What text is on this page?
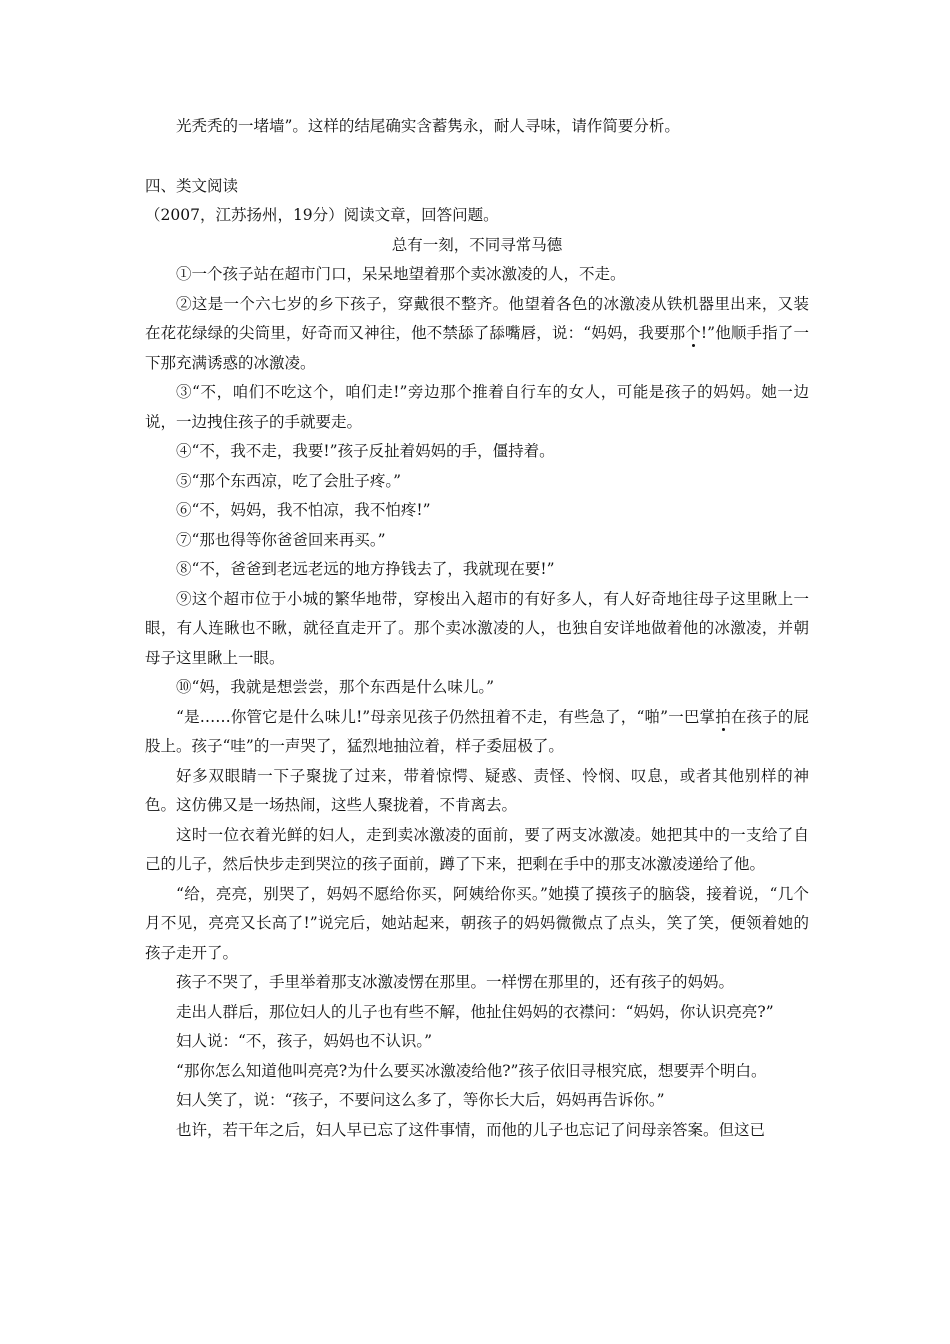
光秃秃的一堵墙”。这样的结尾确实含蓄隽永，耐人寻味，请作简要分析。

四、类文阅读

（2007，江苏扬州，19分）阅读文章，回答问题。

总有一刻，不同寻常马德

①一个孩子站在超市门口，呆呆地望着那个卖冰激凌的人，不走。

②这是一个六七岁的乡下孩子，穿戴很不整齐。他望着各色的冰激凌从铁机器里出来，又装在花花绿绿的尖筒里，好奇而又神往，他不禁舔了舔嘴唇，说：“妈妈，我要那个!”他顺手指了一下那充满诱惑的冰激凌。

③“不，咱们不吃这个，咱们走!”旁边那个推着自行车的女人，可能是孩子的妈妈。她一边说，一边拽住孩子的手就要走。

④“不，我不走，我要!”孩子反扯着妈妈的手，僵持着。

⑤“那个东西凉，吃了会肚子疼。”

⑥“不，妈妈，我不怕凉，我不怕疼!”

⑦“那也得等你爸爸回来再买。”

⑧“不，爸爸到老远老远的地方挣钱去了，我就现在要!”

⑨这个超市位于小城的繁华地带，穿梭出入超市的有好多人，有人好奇地往母子这里瞅上一眼，有人连瞅也不瞅，就径直走开了。那个卖冰激凌的人，也独自安详地做着他的冰激凌，并朝母子这里瞅上一眼。

⑩“妈，我就是想尝尝，那个东西是什么味儿。”

“是……你管它是什么味儿!”母亲见孩子仍然扭着不走，有些急了，“啪”一巴掌拍在孩子的屁股上。孩子“哇”的一声哭了，猛烈地抽泣着，样子委屈极了。

好多双眼睛一下子聚拢了过来，带着惊愕、疑惑、责怪、怜悯、叹息，或者其他别样的神色。这仿佛又是一场热闹，这些人聚拢着，不肯离去。

这时一位衣着光鲜的妇人，走到卖冰激凌的面前，要了两支冰激凌。她把其中的一支给了自己的儿子，然后快步走到哭泣的孩子面前，蹲了下来，把剩在手中的那支冰激凌递给了他。

“给，亮亮，别哭了，妈妈不愿给你买，阿姨给你买。”她摸了摸孩子的脑袋，接着说，“几个月不见，亮亮又长高了!”说完后，她站起来，朝孩子的妈妈微微点了点头，笑了笑，便领着她的孩子走开了。

孩子不哭了，手里举着那支冰激凌愣在那里。一样愣在那里的，还有孩子的妈妈。

走出人群后，那位妇人的儿子也有些不解，他扯住妈妈的衣襟问：“妈妈，你认识亮亮?”

妇人说：“不，孩子，妈妈也不认识。”

“那你怎么知道他叫亮亮?为什么要买冰激凌给他?”孩子依旧寻根究底，想要弄个明白。

妇人笑了，说：“孩子，不要问这么多了，等你长大后，妈妈再告诉你。”

也许，若干年之后，妇人早已忘了这件事情，而他的儿子也忘记了问母亲答案。但这已
